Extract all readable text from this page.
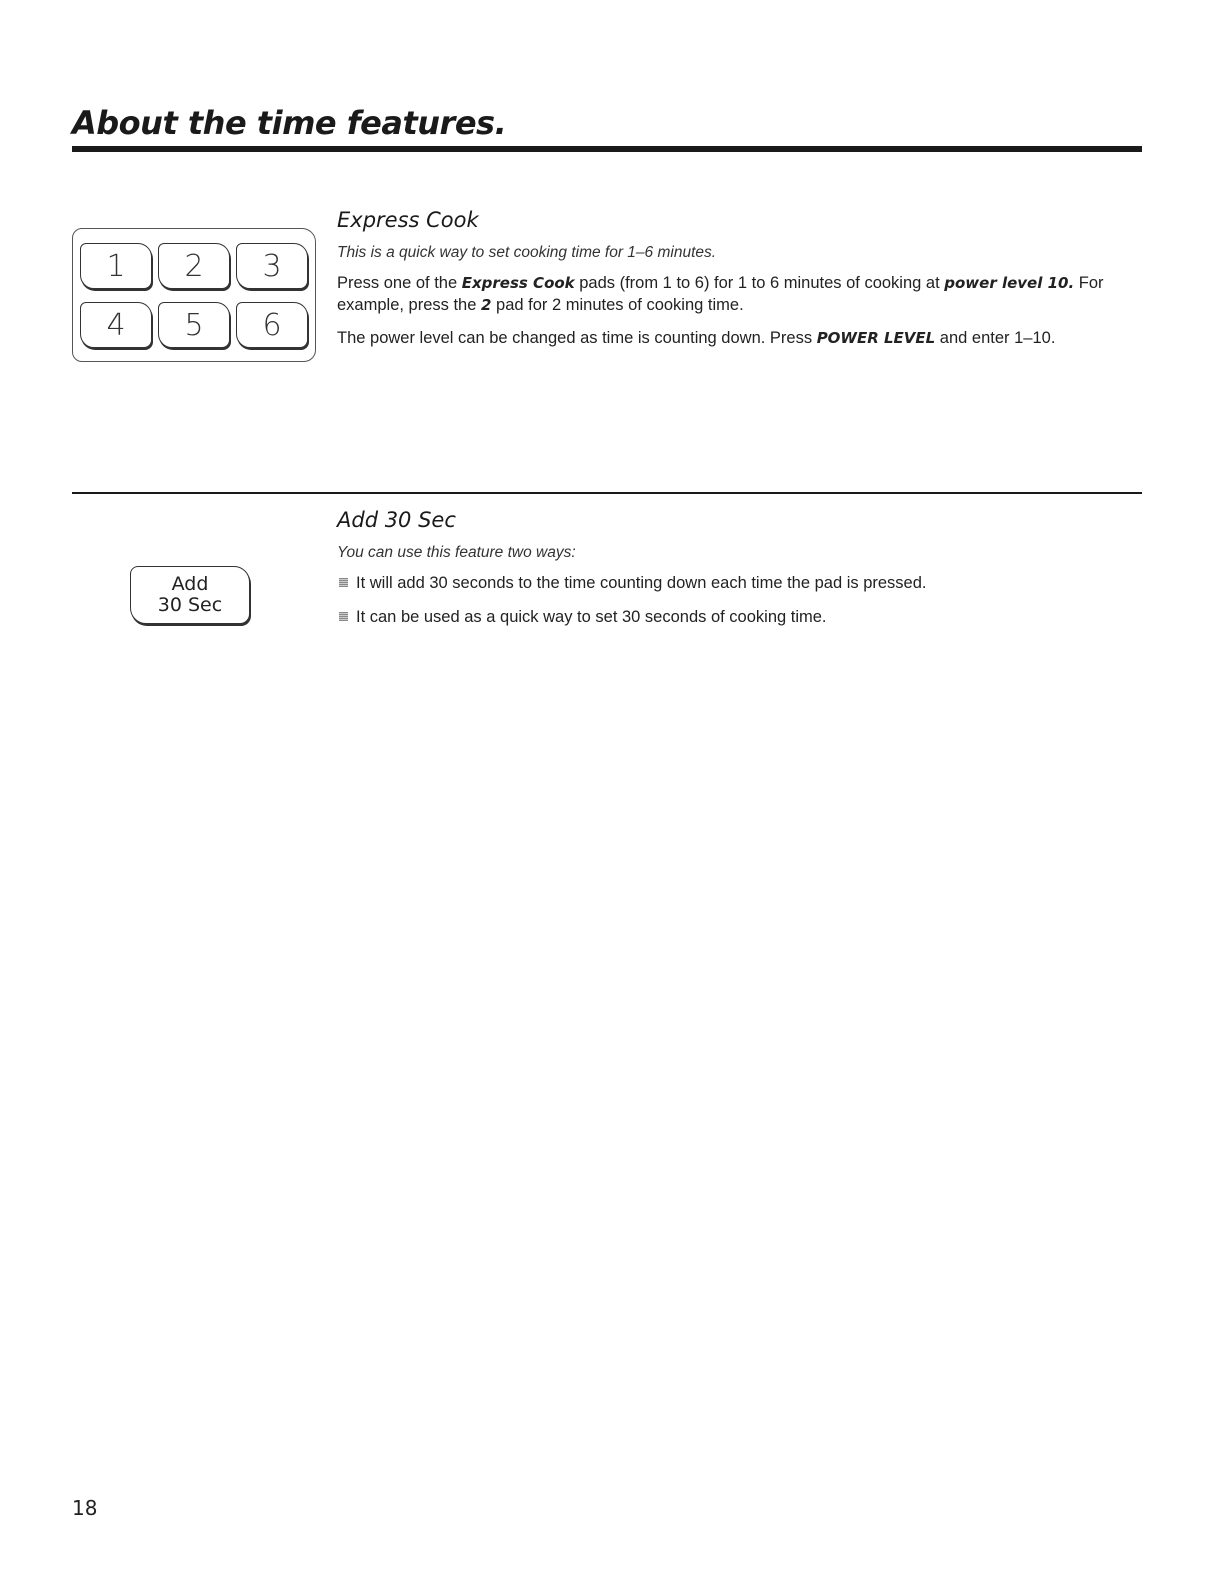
About the time features.
1	2	3
4	5	6
Express Cook

This is a quick way to set cooking time for 1–6 minutes.

Press one of the Express Cook pads (from 1 to 6) for 1 to 6 minutes of cooking at power level 10. For example, press the 2 pad for 2 minutes of cooking time.

The power level can be changed as time is counting down. Press POWER LEVEL and enter 1–10.

Add
30 Sec
Add 30 Sec

You can use this feature two ways:

It will add 30 seconds to the time counting down each time the pad is pressed.
It can be used as a quick way to set 30 seconds of cooking time.
18
